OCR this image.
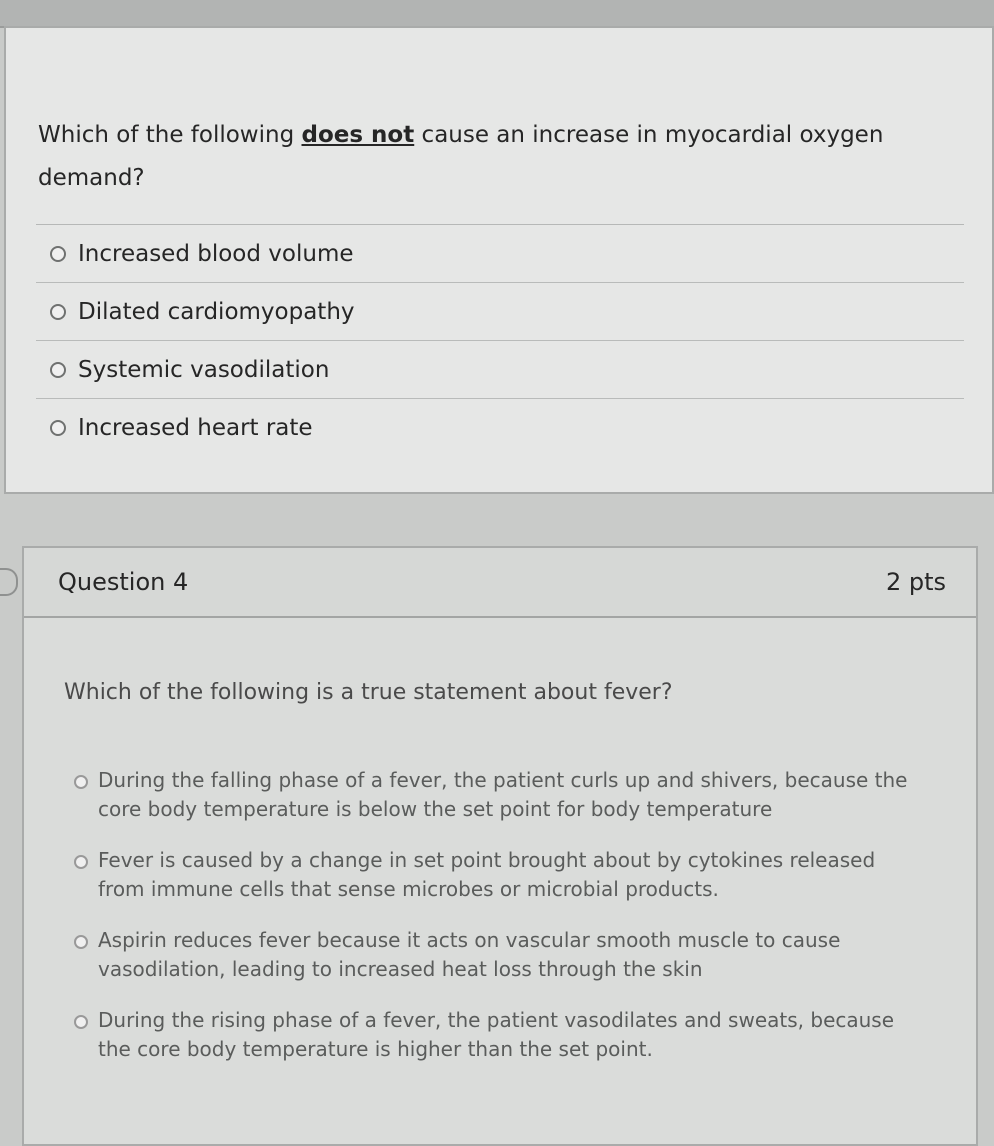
Which of the following does not cause an increase in myocardial oxygen demand?
Increased blood volume
Dilated cardiomyopathy
Systemic vasodilation
Increased heart rate
Question 4	2 pts
Which of the following is a true statement about fever?
During the falling phase of a fever, the patient curls up and shivers, because the core body temperature is below the set point for body temperature
Fever is caused by a change in set point brought about by cytokines released from immune cells that sense microbes or microbial products.
Aspirin reduces fever because it acts on vascular smooth muscle to cause vasodilation, leading to increased heat loss through the skin
During the rising phase of a fever, the patient vasodilates and sweats, because the core body temperature is higher than the set point.
